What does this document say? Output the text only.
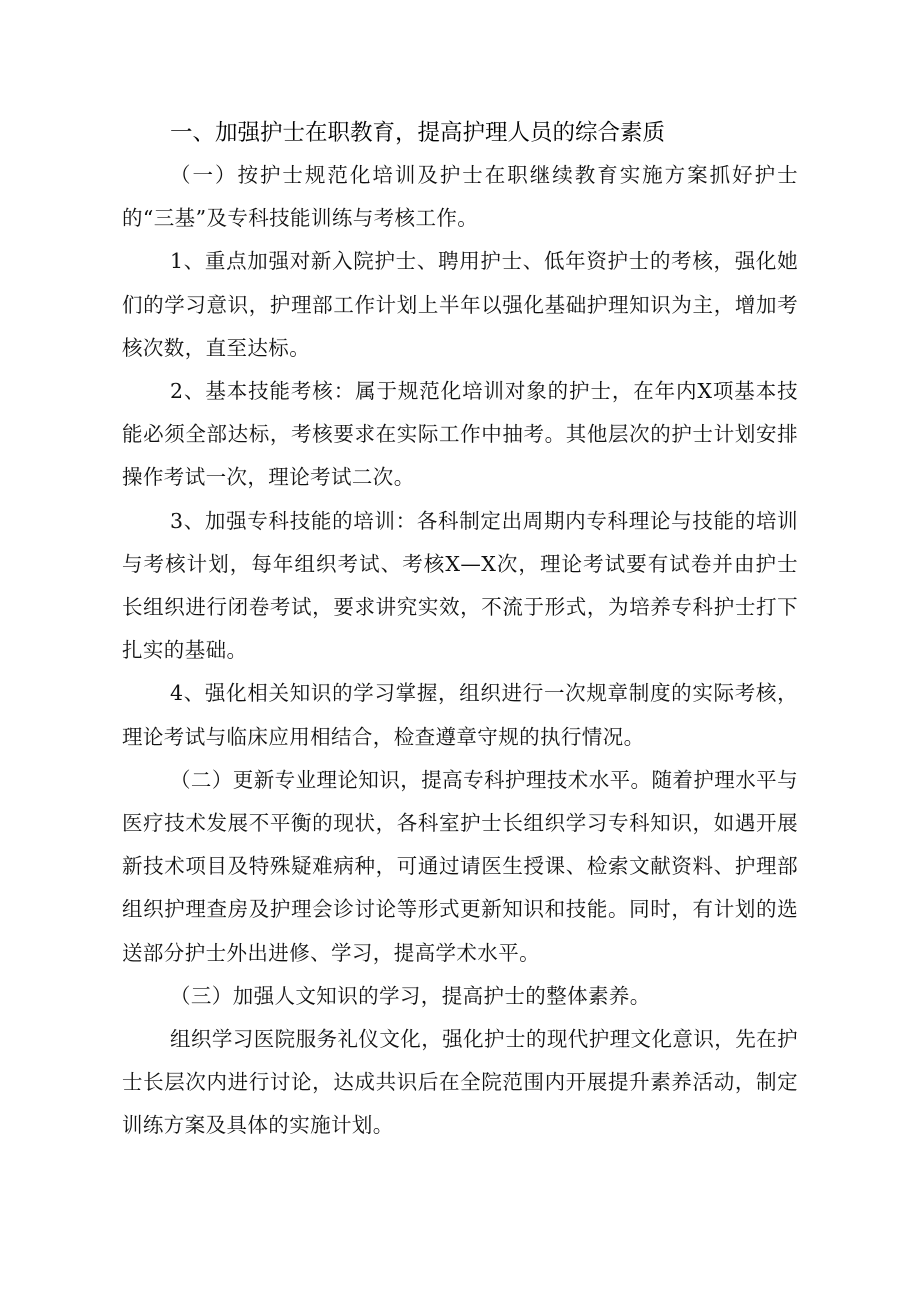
一、加强护士在职教育，提高护理人员的综合素质

（一）按护士规范化培训及护士在职继续教育实施方案抓好护士的“三基”及专科技能训练与考核工作。

1、重点加强对新入院护士、聘用护士、低年资护士的考核，强化她们的学习意识，护理部工作计划上半年以强化基础护理知识为主，增加考核次数，直至达标。

2、基本技能考核：属于规范化培训对象的护士，在年内X项基本技能必须全部达标，考核要求在实际工作中抽考。其他层次的护士计划安排操作考试一次，理论考试二次。

3、加强专科技能的培训：各科制定出周期内专科理论与技能的培训与考核计划，每年组织考试、考核X—X次，理论考试要有试卷并由护士长组织进行闭卷考试，要求讲究实效，不流于形式，为培养专科护士打下扎实的基础。

4、强化相关知识的学习掌握，组织进行一次规章制度的实际考核，理论考试与临床应用相结合，检查遵章守规的执行情况。

（二）更新专业理论知识，提高专科护理技术水平。随着护理水平与医疗技术发展不平衡的现状，各科室护士长组织学习专科知识，如遇开展新技术项目及特殊疑难病种，可通过请医生授课、检索文献资料、护理部组织护理查房及护理会诊讨论等形式更新知识和技能。同时，有计划的选送部分护士外出进修、学习，提高学术水平。

（三）加强人文知识的学习，提高护士的整体素养。

组织学习医院服务礼仪文化，强化护士的现代护理文化意识，先在护士长层次内进行讨论，达成共识后在全院范围内开展提升素养活动，制定训练方案及具体的实施计划。
